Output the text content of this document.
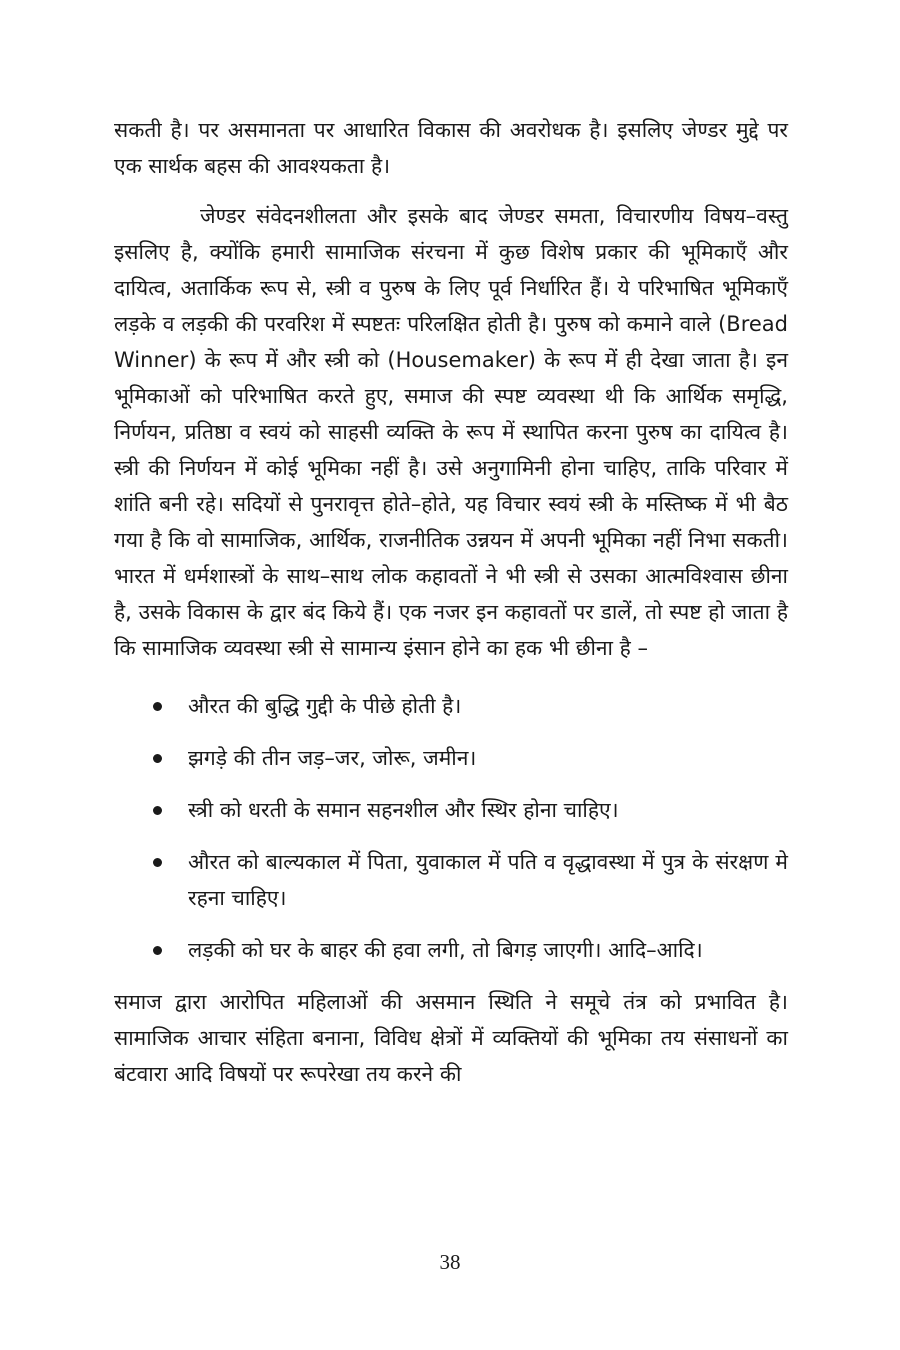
सकती है। पर असमानता पर आधारित विकास की अवरोधक है। इसलिए जेण्डर मुद्दे पर एक सार्थक बहस की आवश्यकता है।

जेण्डर संवेदनशीलता और इसके बाद जेण्डर समता, विचारणीय विषय–वस्तु इसलिए है, क्योंकि हमारी सामाजिक संरचना में कुछ विशेष प्रकार की भूमिकाएँ और दायित्व, अतार्किक रूप से, स्त्री व पुरुष के लिए पूर्व निर्धारित हैं। ये परिभाषित भूमिकाएँ लड़के व लड़की की परवरिश में स्पष्टतः परिलक्षित होती है। पुरुष को कमाने वाले (Bread Winner) के रूप में और स्त्री को (Housemaker) के रूप में ही देखा जाता है। इन भूमिकाओं को परिभाषित करते हुए, समाज की स्पष्ट व्यवस्था थी कि आर्थिक समृद्धि, निर्णयन, प्रतिष्ठा व स्वयं को साहसी व्यक्ति के रूप में स्थापित करना पुरुष का दायित्व है। स्त्री की निर्णयन में कोई भूमिका नहीं है। उसे अनुगामिनी होना चाहिए, ताकि परिवार में शांति बनी रहे। सदियों से पुनरावृत्त होते–होते, यह विचार स्वयं स्त्री के मस्तिष्क में भी बैठ गया है कि वो सामाजिक, आर्थिक, राजनीतिक उन्नयन में अपनी भूमिका नहीं निभा सकती। भारत में धर्मशास्त्रों के साथ–साथ लोक कहावतों ने भी स्त्री से उसका आत्मविश्वास छीना है, उसके विकास के द्वार बंद किये हैं। एक नजर इन कहावतों पर डालें, तो स्पष्ट हो जाता है कि सामाजिक व्यवस्था स्त्री से सामान्य इंसान होने का हक भी छीना है –

औरत की बुद्धि गुद्दी के पीछे होती है।
झगड़े की तीन जड़–जर, जोरू, जमीन।
स्त्री को धरती के समान सहनशील और स्थिर होना चाहिए।
औरत को बाल्यकाल में पिता, युवाकाल में पति व वृद्धावस्था में पुत्र के संरक्षण मे रहना चाहिए।
लड़की को घर के बाहर की हवा लगी, तो बिगड़ जाएगी। आदि–आदि।

समाज द्वारा आरोपित महिलाओं की असमान स्थिति ने समूचे तंत्र को प्रभावित है। सामाजिक आचार संहिता बनाना, विविध क्षेत्रों में व्यक्तियों की भूमिका तय संसाधनों का बंटवारा आदि विषयों पर रूपरेखा तय करने की

38
